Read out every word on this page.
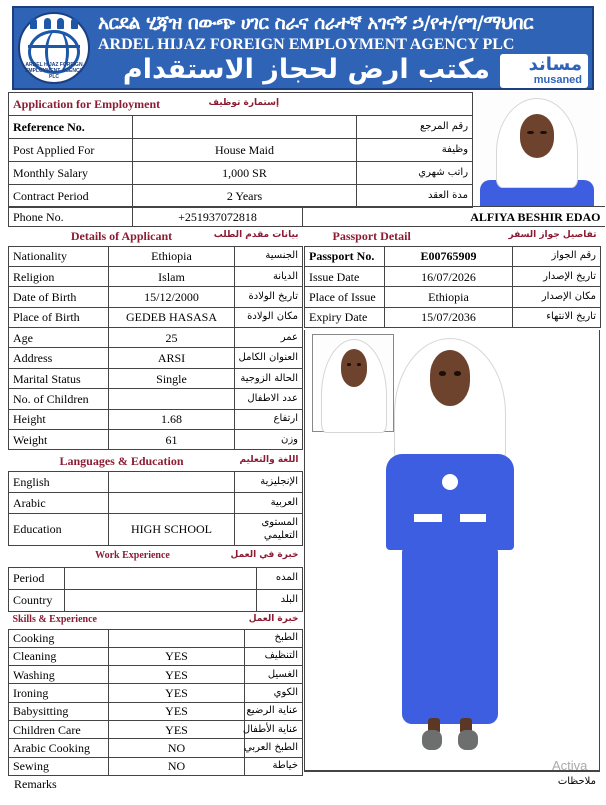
ARDEL HIJAZ FOREIGN EMPLOYMENT AGENCY PLC
አርደል ሂጃዝ በውጭ ሀገር ስራና ሰራተኛ አገናኝ ኃ/የተ/የግ/ማህበር
ARDEL HIJAZ FOREIGN EMPLOYMENT AGENCY PLC
مكتب ارض لحجاز الاستقدام مساند
musaned
Application for Employment إستمارة توظيف		

Reference No.		رقم المرجع
Post Applied For	House Maid	وظيفة
Monthly Salary	1,000 SR	راتب شهري
Contract Period	2 Years	مدة العقد
Phone No.	+251937072818	ALFIYA BESHIR EDAO
Details of Applicant		بيانات مقدم الطلب
Nationality	Ethiopia	الجنسية
Religion	Islam	الديانة
Date of Birth	15/12/2000	تاريخ الولادة
Place of Birth	GEDEB HASASA	مكان الولادة
Age	25	عمر
Address	ARSI	العنوان الكامل
Marital Status	Single	الحالة الزوجية
No. of Children		عدد الاطفال
Height	1.68	ارتفاع
Weight	61	وزن
Passport Detail		تفاصيل جواز السفر
Passport No.	E00765909	رقم الجواز
Issue Date	16/07/2026	تاريخ الإصدار
Place of Issue	Ethiopia	مكان الإصدار
Expiry Date	15/07/2036	تاريخ الانتهاء
Languages & Education		اللغة والتعليم
English		الإنجليزية
Arabic		العربية
Education	HIGH SCHOOL	المستوى التعليمي
Work Experience		خبرة في العمل
Period		المده
Country		البلد
Skills & Experience		خبرة العمل
Cooking		الطبخ
Cleaning	YES	التنظيف
Washing	YES	الغسيل
Ironing	YES	الكوي
Babysitting	YES	عناية الرضيع
Children Care	YES	عناية الأطفال
Arabic Cooking	NO	الطبخ العربي
Sewing	NO	خياطة
Remarks	ملاحظات
Activa
